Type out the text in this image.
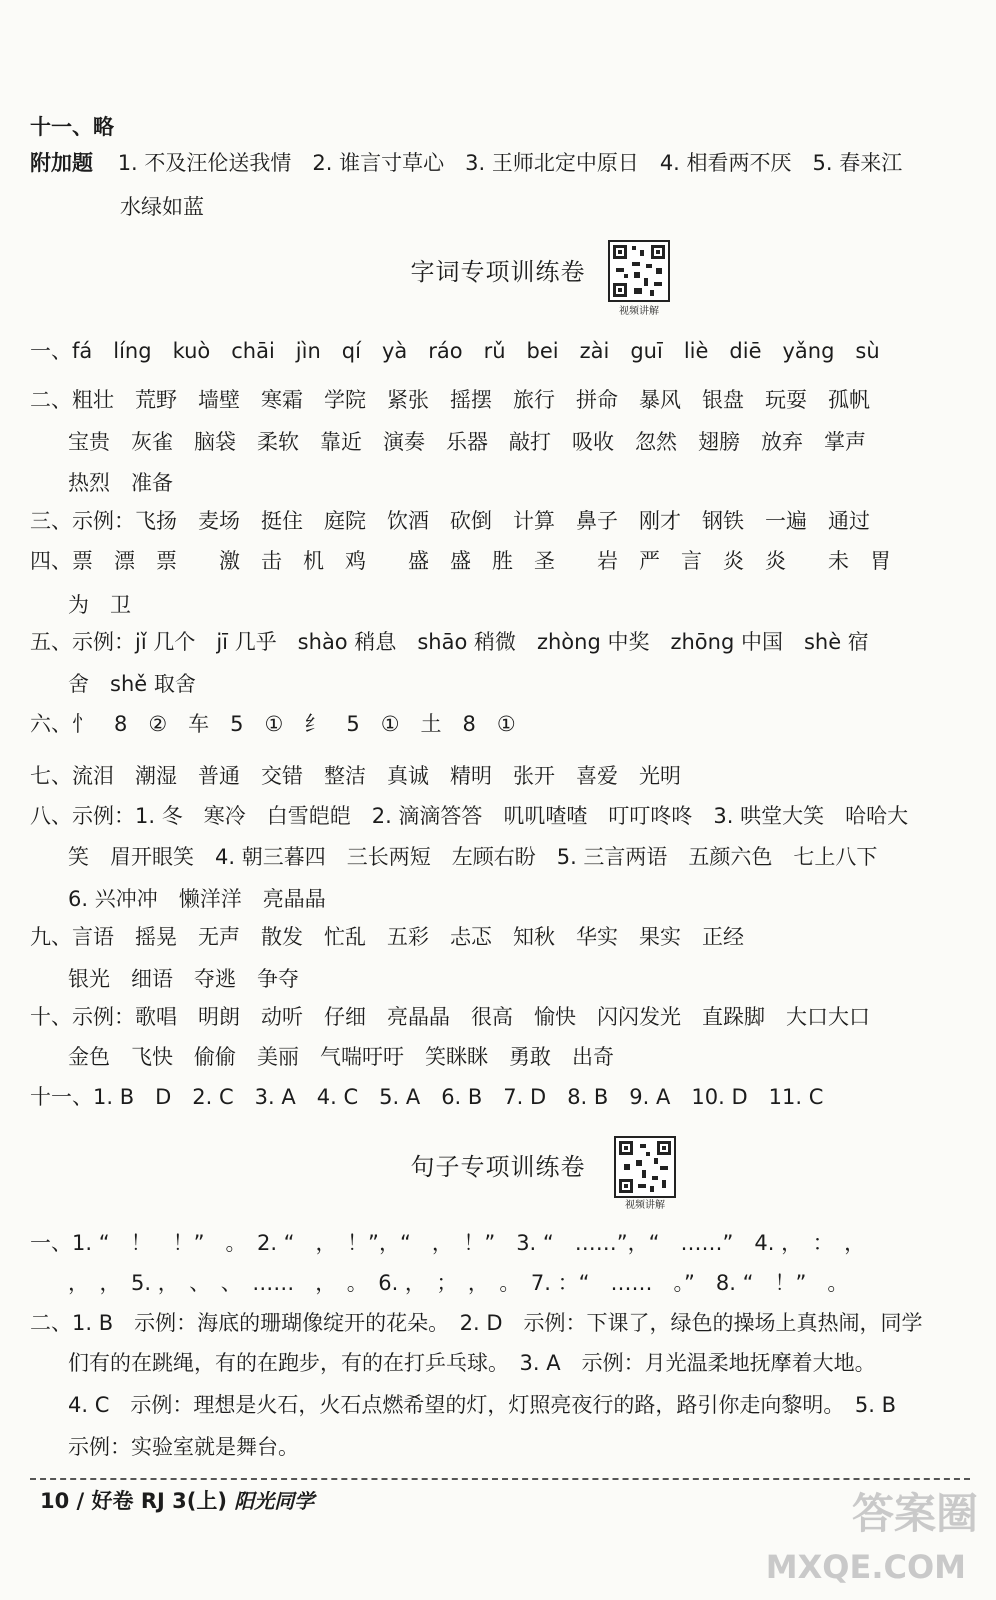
十一、略
附加题 1. 不及汪伦送我情　2. 谁言寸草心　3. 王师北定中原日　4. 相看两不厌　5. 春来江
水绿如蓝
字词专项训练卷
视频讲解
一、fá　líng　kuò　chāi　jìn　qí　yà　ráo　rǔ　bei　zài　guī　liè　diē　yǎng　sù
二、粗壮　荒野　墙壁　寒霜　学院　紧张　摇摆　旅行　拼命　暴风　银盘　玩耍　孤帆
宝贵　灰雀　脑袋　柔软　靠近　演奏　乐器　敲打　吸收　忽然　翅膀　放弃　掌声
热烈　准备
三、示例：飞扬　麦场　挺住　庭院　饮酒　砍倒　计算　鼻子　刚才　钢铁　一遍　通过
四、票　漂　票　　激　击　机　鸡　　盛　盛　胜　圣　　岩　严　言　炎　炎　　未　胃
为　卫
五、示例：jǐ 几个　jī 几乎　shào 稍息　shāo 稍微　zhòng 中奖　zhōng 中国　shè 宿
舍　shě 取舍
六、忄　8　②　车　5　①　纟　5　①　土　8　①
七、流泪　潮湿　普通　交错　整洁　真诚　精明　张开　喜爱　光明
八、示例：1. 冬　寒冷　白雪皑皑　2. 滴滴答答　叽叽喳喳　叮叮咚咚　3. 哄堂大笑　哈哈大
笑　眉开眼笑　4. 朝三暮四　三长两短　左顾右盼　5. 三言两语　五颜六色　七上八下
6. 兴冲冲　懒洋洋　亮晶晶
九、言语　摇晃　无声　散发　忙乱　五彩　忐忑　知秋　华实　果实　正经
银光　细语　夺逃　争夺
十、示例：歌唱　明朗　动听　仔细　亮晶晶　很高　愉快　闪闪发光　直跺脚　大口大口
金色　飞快　偷偷　美丽　气喘吁吁　笑眯眯　勇敢　出奇
十一、1. B　D　2. C　3. A　4. C　5. A　6. B　7. D　8. B　9. A　10. D　11. C
句子专项训练卷
视频讲解
一、1. “　！　！”　。　2. “　，　！”，“　，　！”　3. “　……”，“　……”　4. ，　：　，
，　，　5. ，　、　、　……　，　。　6. ，　；　，　。　7. ：“　……　。”　8. “　！”　。
二、1. B　示例：海底的珊瑚像绽开的花朵。　2. D　示例：下课了，绿色的操场上真热闹，同学
们有的在跳绳，有的在跑步，有的在打乒乓球。　3. A　示例：月光温柔地抚摩着大地。
4. C　示例：理想是火石，火石点燃希望的灯，灯照亮夜行的路，路引你走向黎明。　5. B
示例：实验室就是舞台。
10 / 好卷 RJ 3(上) 阳光同学	答案圈
MXQE.COM
